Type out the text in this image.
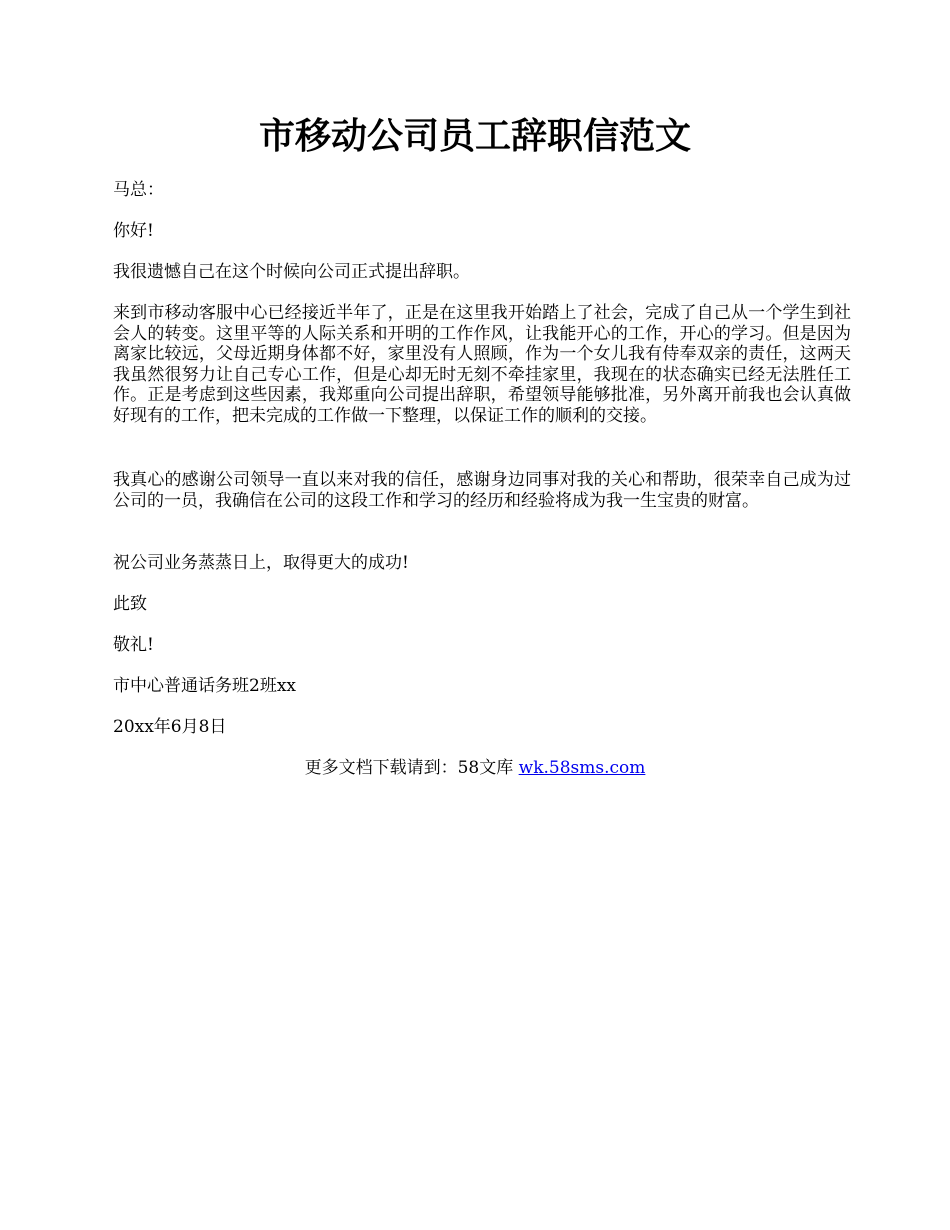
市移动公司员工辞职信范文

马总：

你好!

我很遗憾自己在这个时候向公司正式提出辞职。

来到市移动客服中心已经接近半年了，正是在这里我开始踏上了社会，完成了自己从一个学生到社会人的转变。这里平等的人际关系和开明的工作作风，让我能开心的工作，开心的学习。但是因为离家比较远，父母近期身体都不好，家里没有人照顾，作为一个女儿我有侍奉双亲的责任，这两天我虽然很努力让自己专心工作，但是心却无时无刻不牵挂家里，我现在的状态确实已经无法胜任工作。正是考虑到这些因素，我郑重向公司提出辞职，希望领导能够批准，另外离开前我也会认真做好现有的工作，把未完成的工作做一下整理，以保证工作的顺利的交接。

我真心的感谢公司领导一直以来对我的信任，感谢身边同事对我的关心和帮助，很荣幸自己成为过公司的一员，我确信在公司的这段工作和学习的经历和经验将成为我一生宝贵的财富。

祝公司业务蒸蒸日上，取得更大的成功!

此致

敬礼!

市中心普通话务班2班xx

20xx年6月8日

更多文档下载请到：58文库 wk.58sms.com
